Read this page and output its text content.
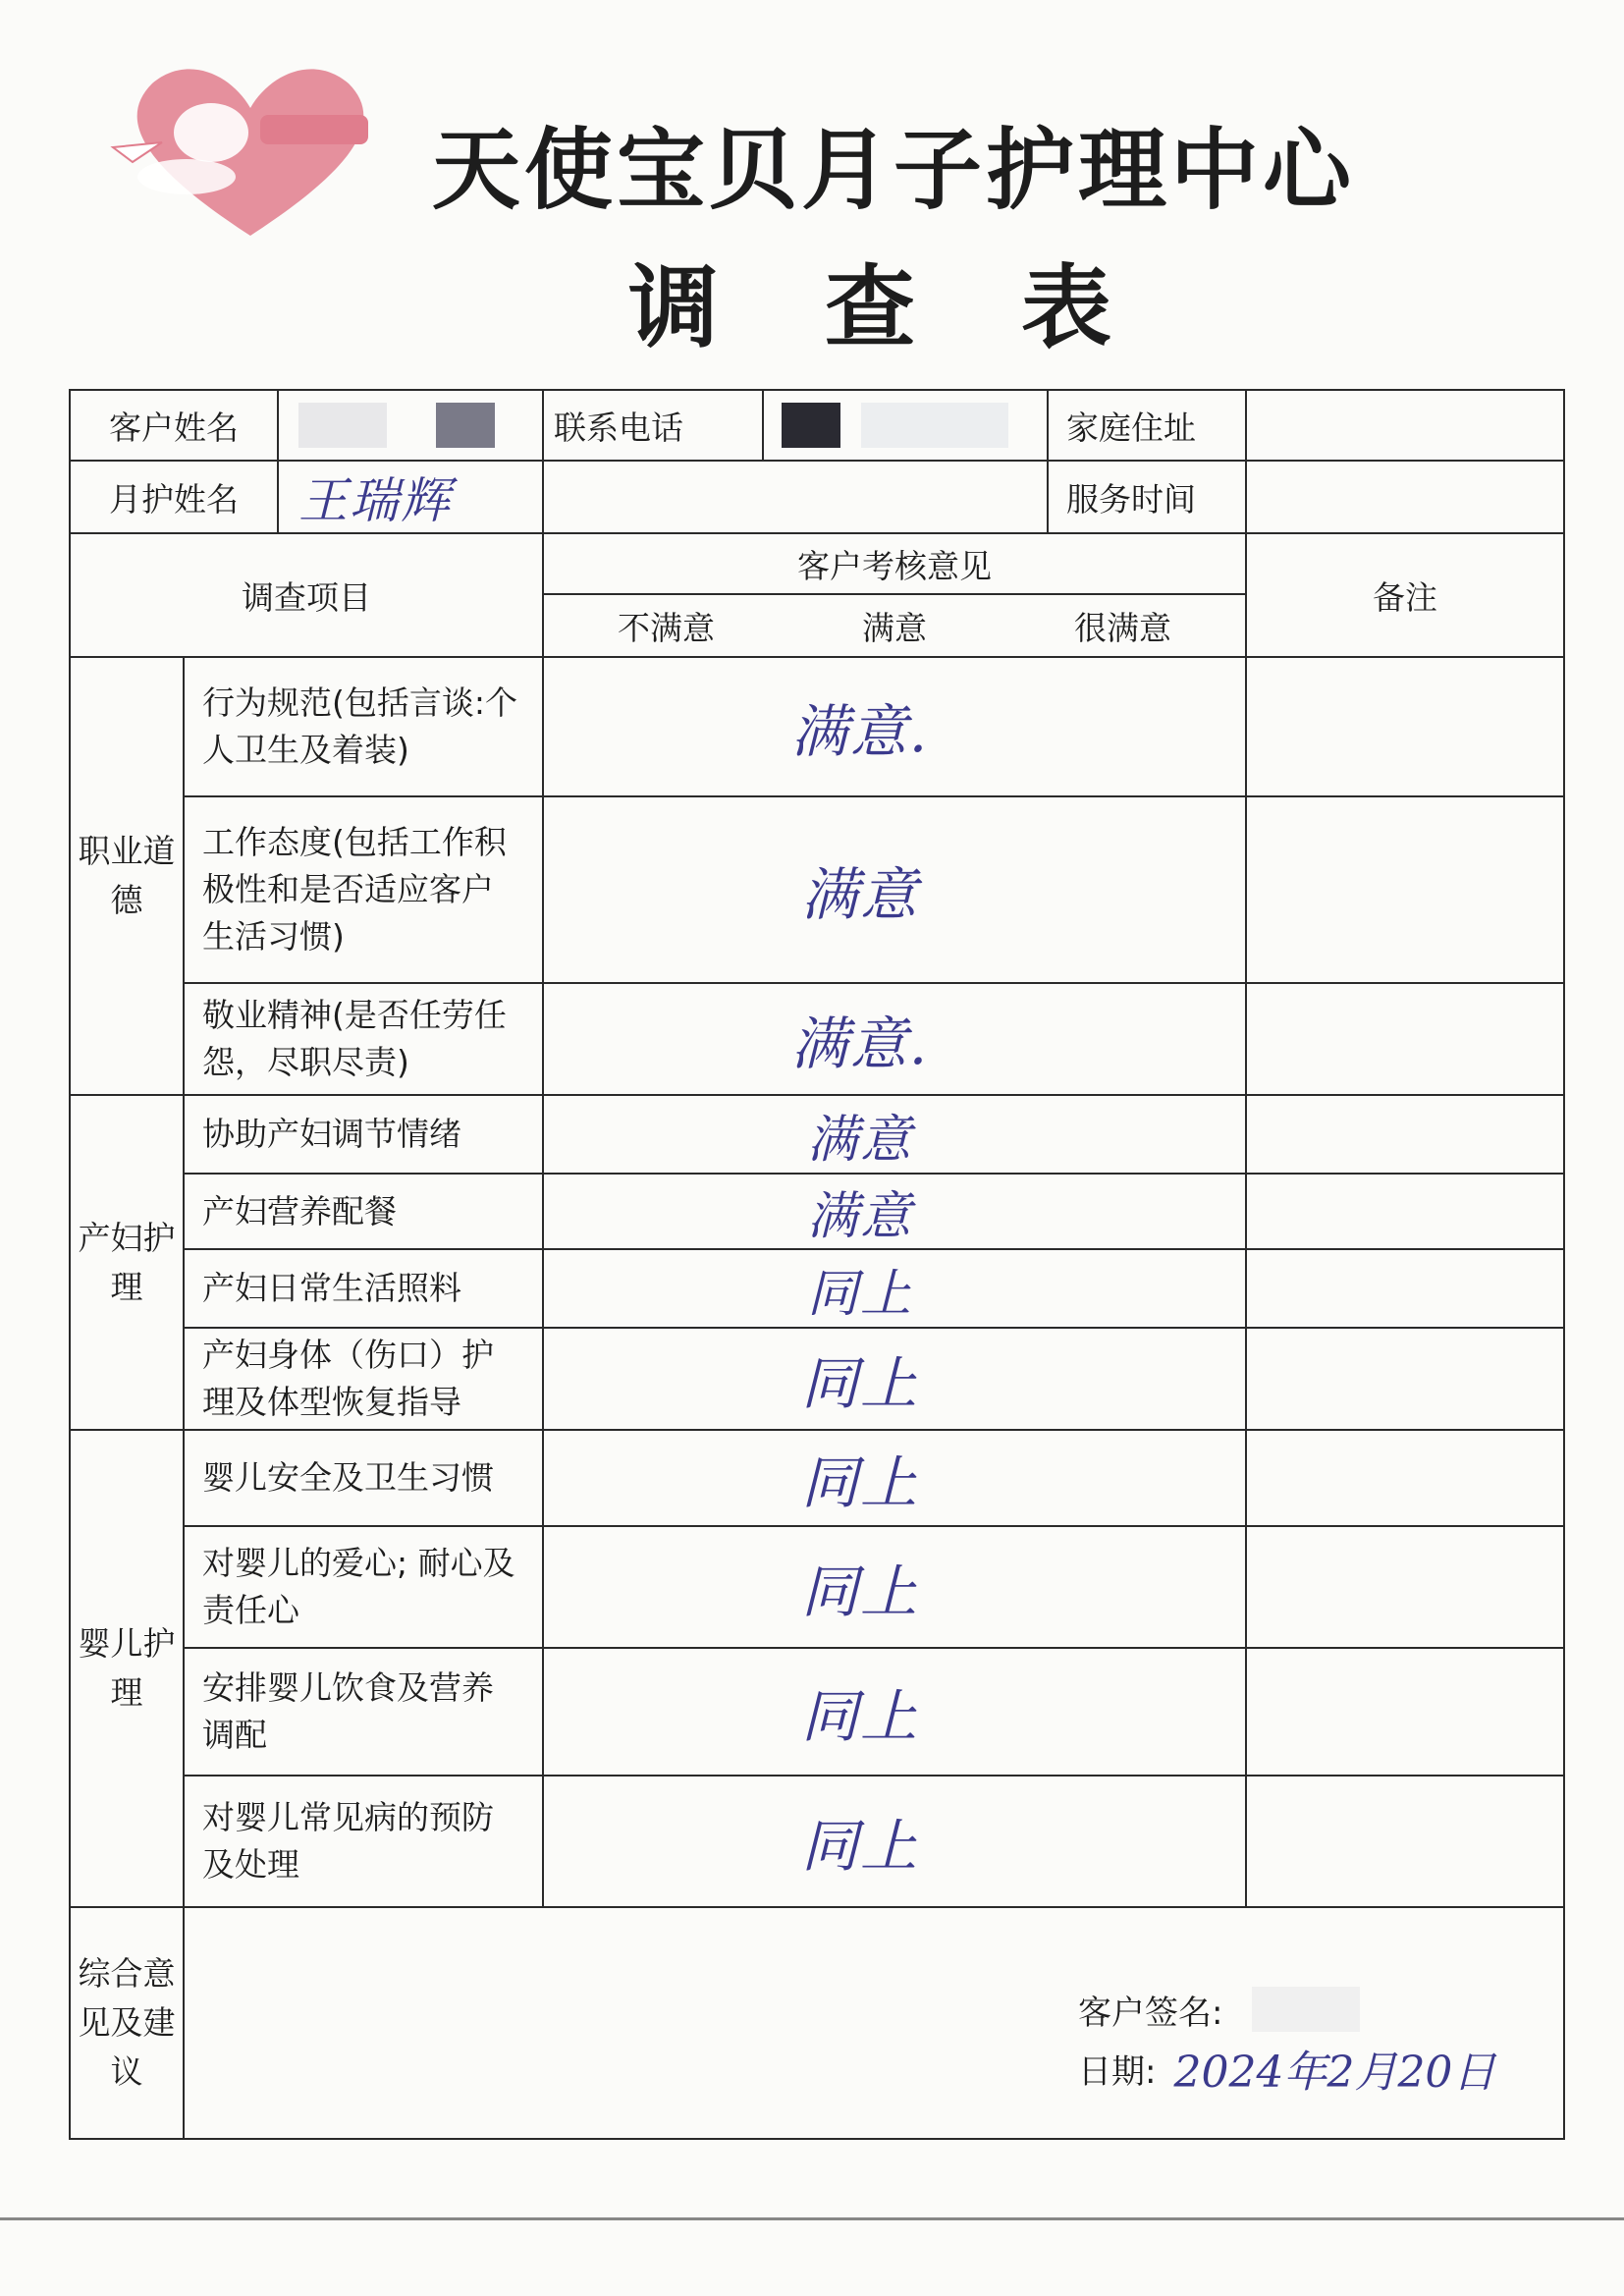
天使宝贝月子护理中心
调 查 表
客户姓名		联系电话		家庭住址	

月护姓名 王瑞辉				服务时间	
调查项目		客户考核意见
不满意 满意 很满意			备注
职业道德	行为规范(包括言谈:个人卫生及着装)	满意.			

	工作态度(包括工作积极性和是否适应客户生活习惯)	满意			

	敬业精神(是否任劳任怨，尽职尽责)	满意.			

产妇护理	协助产妇调节情绪	满意			

	产妇营养配餐	满意			

	产妇日常生活照料	同上			

	产妇身体（伤口）护理及体型恢复指导	同上			

婴儿护理	婴儿安全及卫生习惯	同上			

	对婴儿的爱心; 耐心及责任心	同上			

	安排婴儿饮食及营养调配	同上			

	对婴儿常见病的预防及处理	同上			

综合意见及建议					
客户签名:
日期: 2024年2月20日
